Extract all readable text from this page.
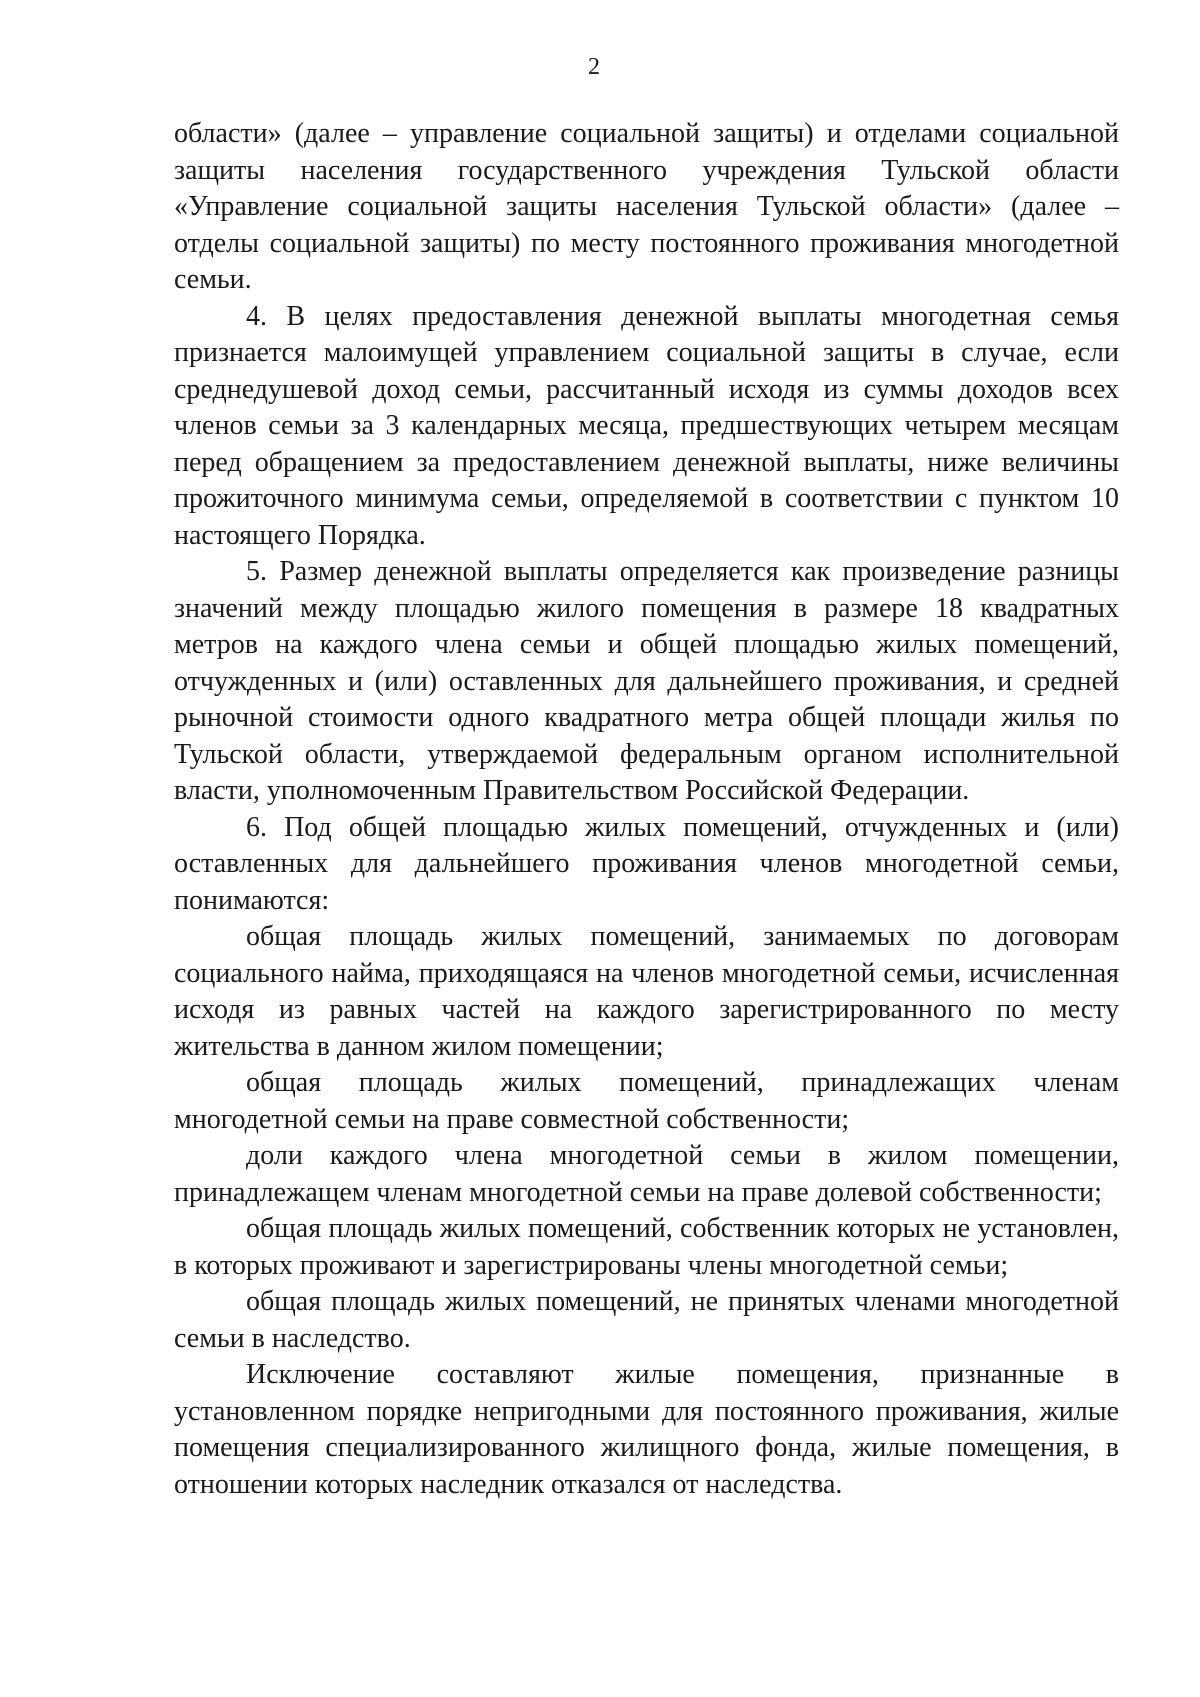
2

области» (далее – управление социальной защиты) и отделами социальной защиты населения государственного учреждения Тульской области «Управление социальной защиты населения Тульской области» (далее – отделы социальной защиты) по месту постоянного проживания многодетной семьи.

4. В целях предоставления денежной выплаты многодетная семья признается малоимущей управлением социальной защиты в случае, если среднедушевой доход семьи, рассчитанный исходя из суммы доходов всех членов семьи за 3 календарных месяца, предшествующих четырем месяцам перед обращением за предоставлением денежной выплаты, ниже величины прожиточного минимума семьи, определяемой в соответствии с пунктом 10 настоящего Порядка.

5. Размер денежной выплаты определяется как произведение разницы значений между площадью жилого помещения в размере 18 квадратных метров на каждого члена семьи и общей площадью жилых помещений, отчужденных и (или) оставленных для дальнейшего проживания, и средней рыночной стоимости одного квадратного метра общей площади жилья по Тульской области, утверждаемой федеральным органом исполнительной власти, уполномоченным Правительством Российской Федерации.

6. Под общей площадью жилых помещений, отчужденных и (или) оставленных для дальнейшего проживания членов многодетной семьи, понимаются:

общая площадь жилых помещений, занимаемых по договорам социального найма, приходящаяся на членов многодетной семьи, исчисленная исходя из равных частей на каждого зарегистрированного по месту жительства в данном жилом помещении;

общая площадь жилых помещений, принадлежащих членам многодетной семьи на праве совместной собственности;

доли каждого члена многодетной семьи в жилом помещении, принадлежащем членам многодетной семьи на праве долевой собственности;

общая площадь жилых помещений, собственник которых не установлен, в которых проживают и зарегистрированы члены многодетной семьи;

общая площадь жилых помещений, не принятых членами многодетной семьи в наследство.

Исключение составляют жилые помещения, признанные в установленном порядке непригодными для постоянного проживания, жилые помещения специализированного жилищного фонда, жилые помещения, в отношении которых наследник отказался от наследства.
